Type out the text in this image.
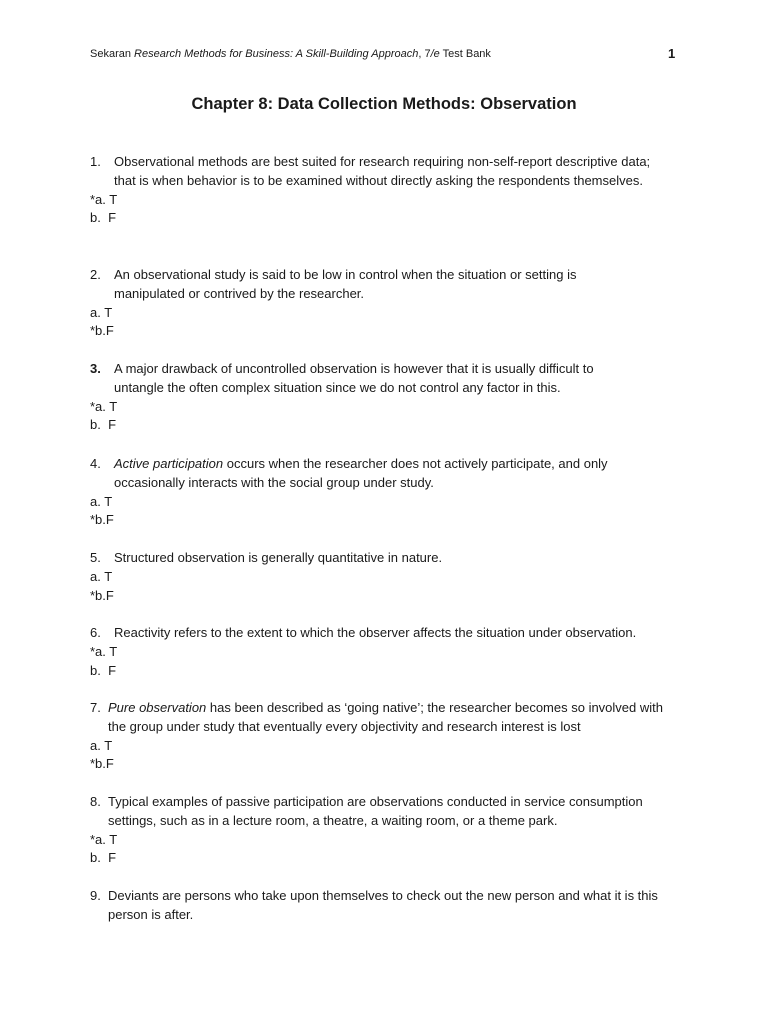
Sekaran Research Methods for Business: A Skill-Building Approach, 7/e Test Bank	1
Chapter 8: Data Collection Methods: Observation
1. Observational methods are best suited for research requiring non-self-report descriptive data; that is when behavior is to be examined without directly asking the respondents themselves.
*a. T
b.  F
2. An observational study is said to be low in control when the situation or setting is manipulated or contrived by the researcher.
a. T
*b.F
3. A major drawback of uncontrolled observation is however that it is usually difficult to untangle the often complex situation since we do not control any factor in this.
*a. T
b.  F
4. Active participation occurs when the researcher does not actively participate, and only occasionally interacts with the social group under study.
a. T
*b.F
5. Structured observation is generally quantitative in nature.
a. T
*b.F
6. Reactivity refers to the extent to which the observer affects the situation under observation.
*a. T
b.  F
7. Pure observation has been described as ‘going native’; the researcher becomes so involved with the group under study that eventually every objectivity and research interest is lost
a. T
*b.F
8. Typical examples of passive participation are observations conducted in service consumption settings, such as in a lecture room, a theatre, a waiting room, or a theme park.
*a. T
b.  F
9. Deviants are persons who take upon themselves to check out the new person and what it is this person is after.
